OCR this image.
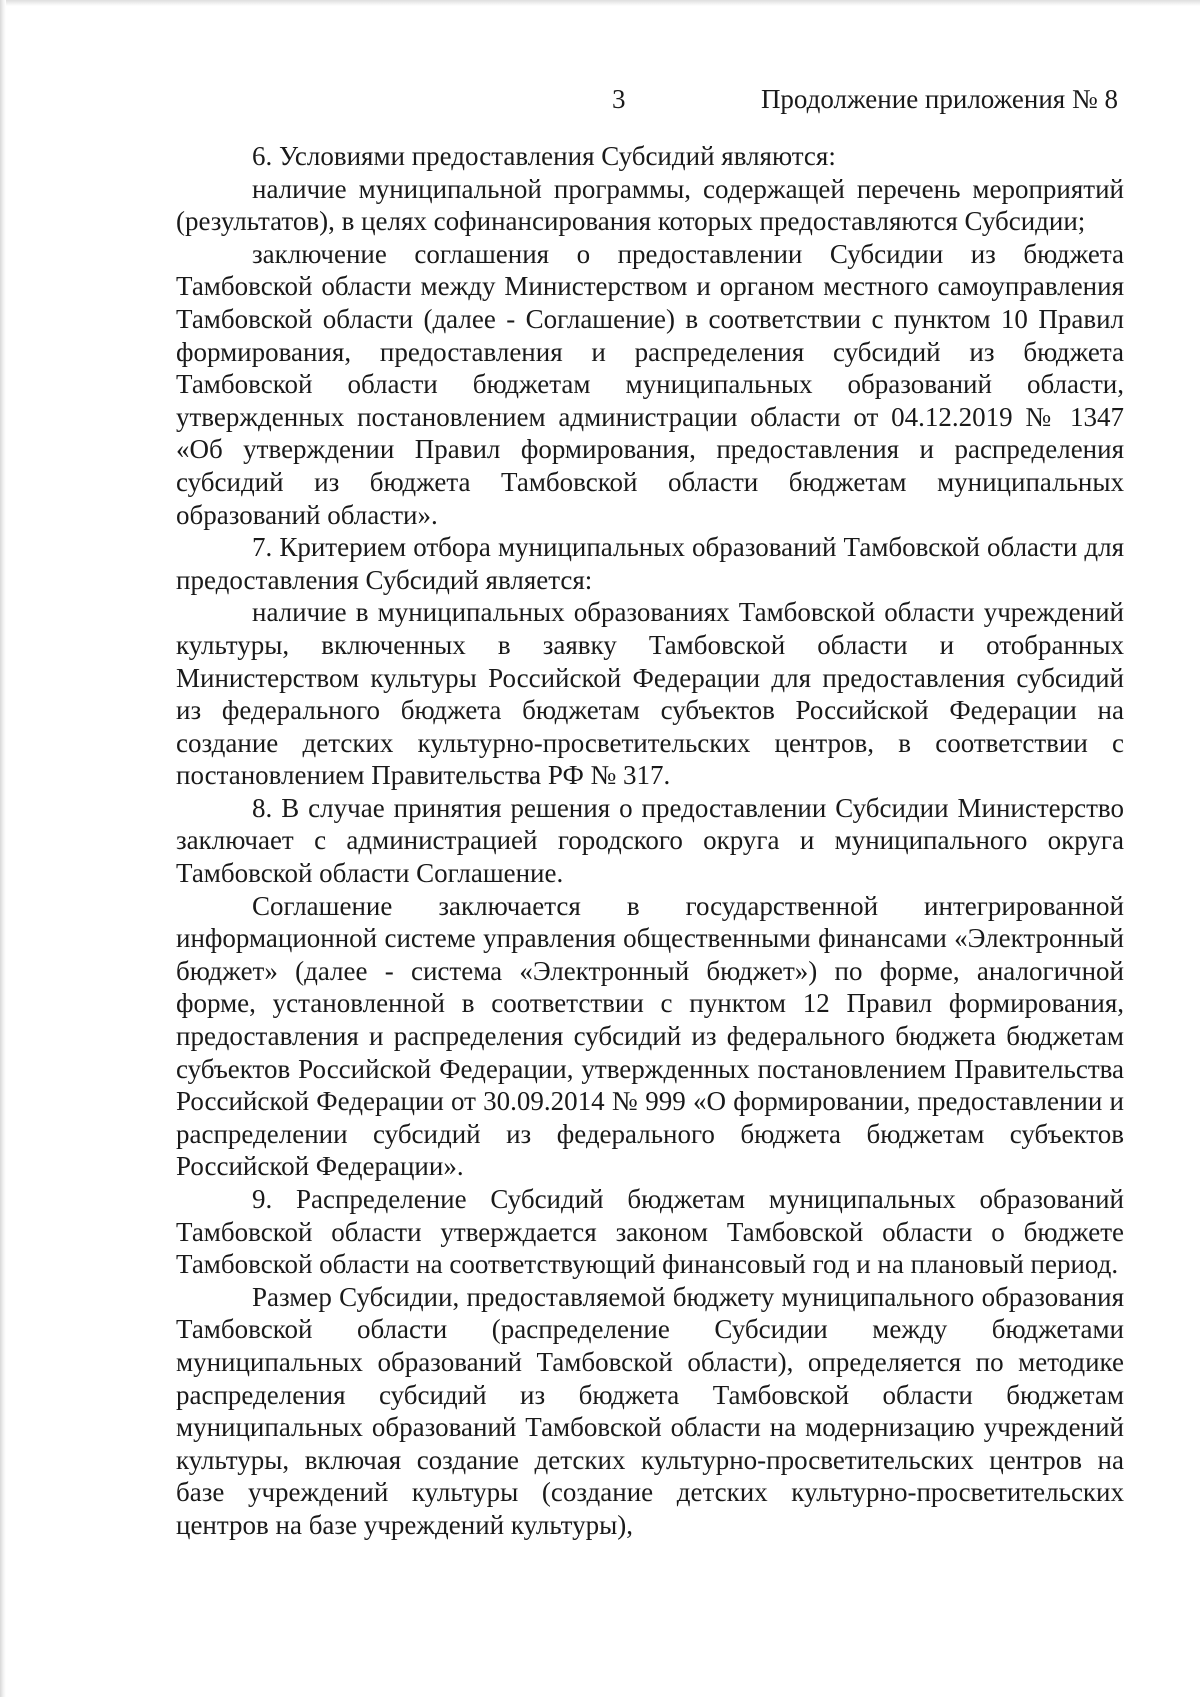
3	Продолжение приложения № 8

6. Условиями предоставления Субсидий являются:

наличие муниципальной программы, содержащей перечень мероприятий (результатов), в целях софинансирования которых предоставляются Субсидии;

заключение соглашения о предоставлении Субсидии из бюджета Тамбовской области между Министерством и органом местного самоуправления Тамбовской области (далее - Соглашение) в соответствии с пунктом 10 Правил формирования, предоставления и распределения субсидий из бюджета Тамбовской области бюджетам муниципальных образований области, утвержденных постановлением администрации области от 04.12.2019 № 1347 «Об утверждении Правил формирования, предоставления и распределения субсидий из бюджета Тамбовской области бюджетам муниципальных образований области».

7. Критерием отбора муниципальных образований Тамбовской области для предоставления Субсидий является:

наличие в муниципальных образованиях Тамбовской области учреждений культуры, включенных в заявку Тамбовской области и отобранных Министерством культуры Российской Федерации для предоставления субсидий из федерального бюджета бюджетам субъектов Российской Федерации на создание детских культурно-просветительских центров, в соответствии с постановлением Правительства РФ № 317.

8. В случае принятия решения о предоставлении Субсидии Министерство заключает с администрацией городского округа и муниципального округа Тамбовской области Соглашение.

Соглашение заключается в государственной интегрированной информационной системе управления общественными финансами «Электронный бюджет» (далее - система «Электронный бюджет») по форме, аналогичной форме, установленной в соответствии с пунктом 12 Правил формирования, предоставления и распределения субсидий из федерального бюджета бюджетам субъектов Российской Федерации, утвержденных постановлением Правительства Российской Федерации от 30.09.2014 № 999 «О формировании, предоставлении и распределении субсидий из федерального бюджета бюджетам субъектов Российской Федерации».

9. Распределение Субсидий бюджетам муниципальных образований Тамбовской области утверждается законом Тамбовской области о бюджете Тамбовской области на соответствующий финансовый год и на плановый период.

Размер Субсидии, предоставляемой бюджету муниципального образования Тамбовской области (распределение Субсидии между бюджетами муниципальных образований Тамбовской области), определяется по методике распределения субсидий из бюджета Тамбовской области бюджетам муниципальных образований Тамбовской области на модернизацию учреждений культуры, включая создание детских культурно-просветительских центров на базе учреждений культуры (создание детских культурно-просветительских центров на базе учреждений культуры),
